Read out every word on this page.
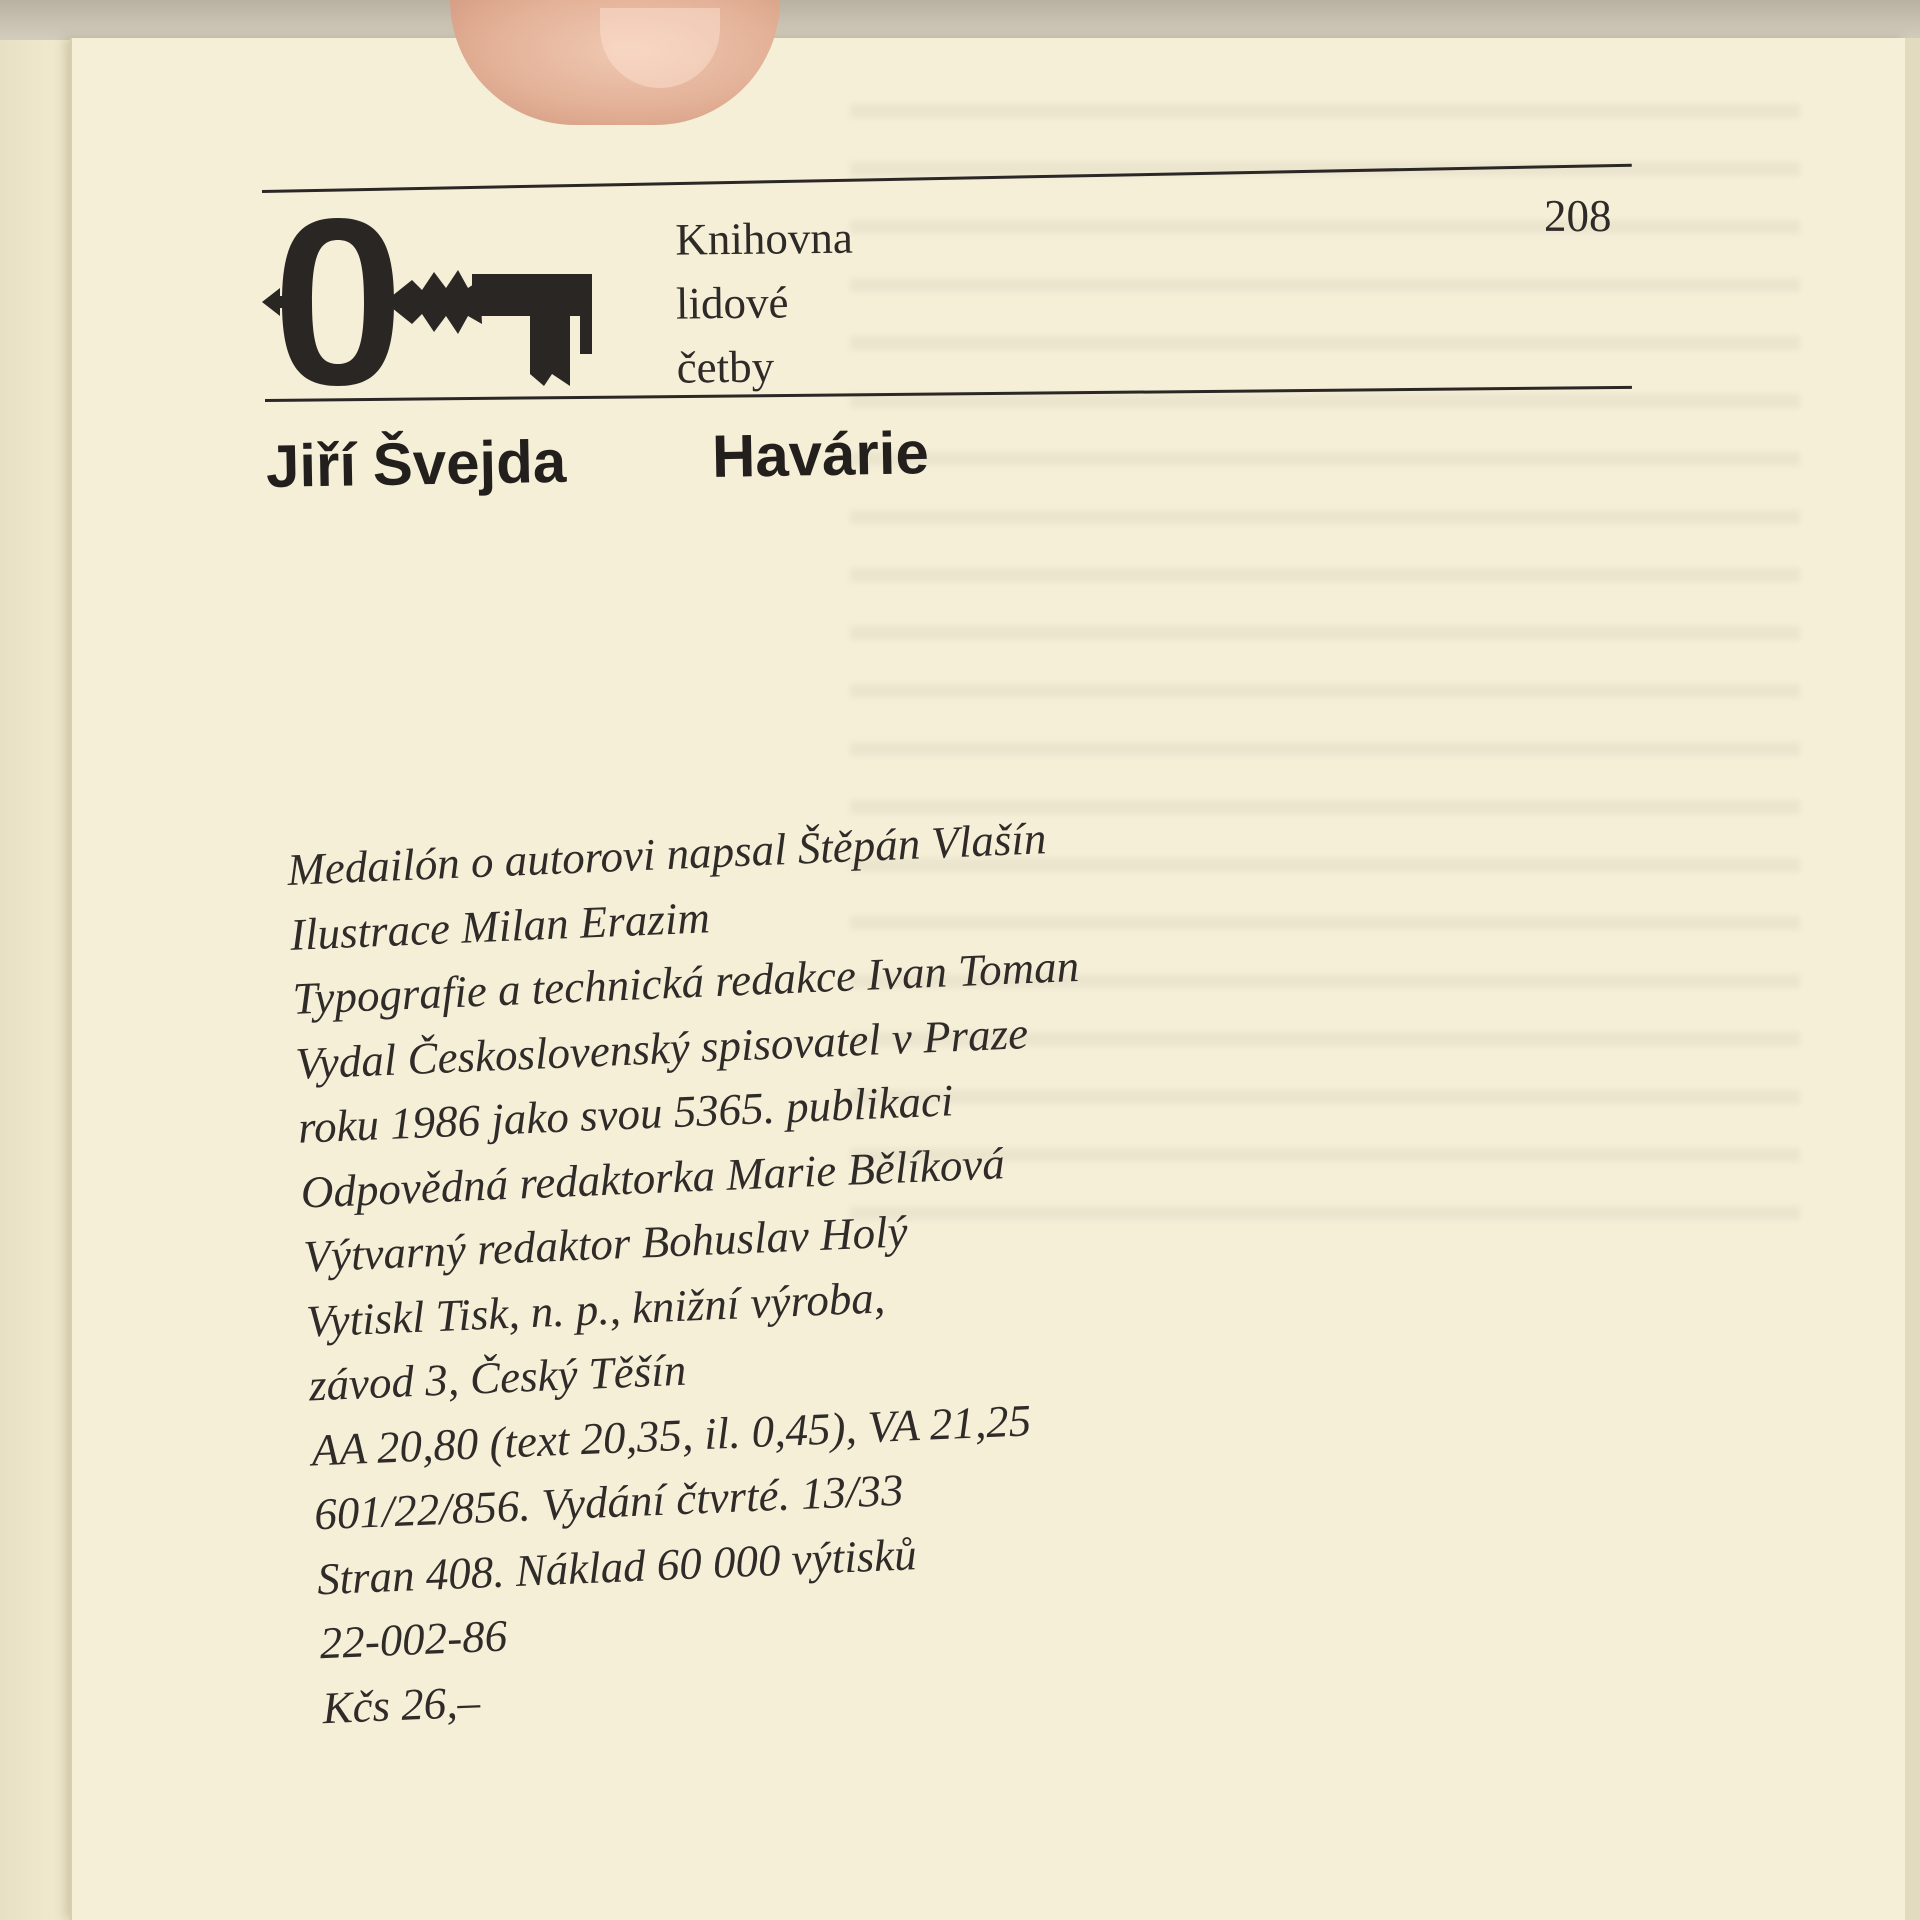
Knihovna
lidové
četby
208
Jiří Švejda Havárie
Medailón o autorovi napsal Štěpán Vlašín
Ilustrace Milan Erazim
Typografie a technická redakce Ivan Toman
Vydal Československý spisovatel v Praze
roku 1986 jako svou 5365. publikaci
Odpovědná redaktorka Marie Bělíková
Výtvarný redaktor Bohuslav Holý
Vytiskl Tisk, n. p., knižní výroba,
závod 3, Český Těšín
AA 20,80 (text 20,35, il. 0,45), VA 21,25
601/22/856. Vydání čtvrté. 13/33
Stran 408. Náklad 60 000 výtisků
22-002-86
Kčs 26,–
